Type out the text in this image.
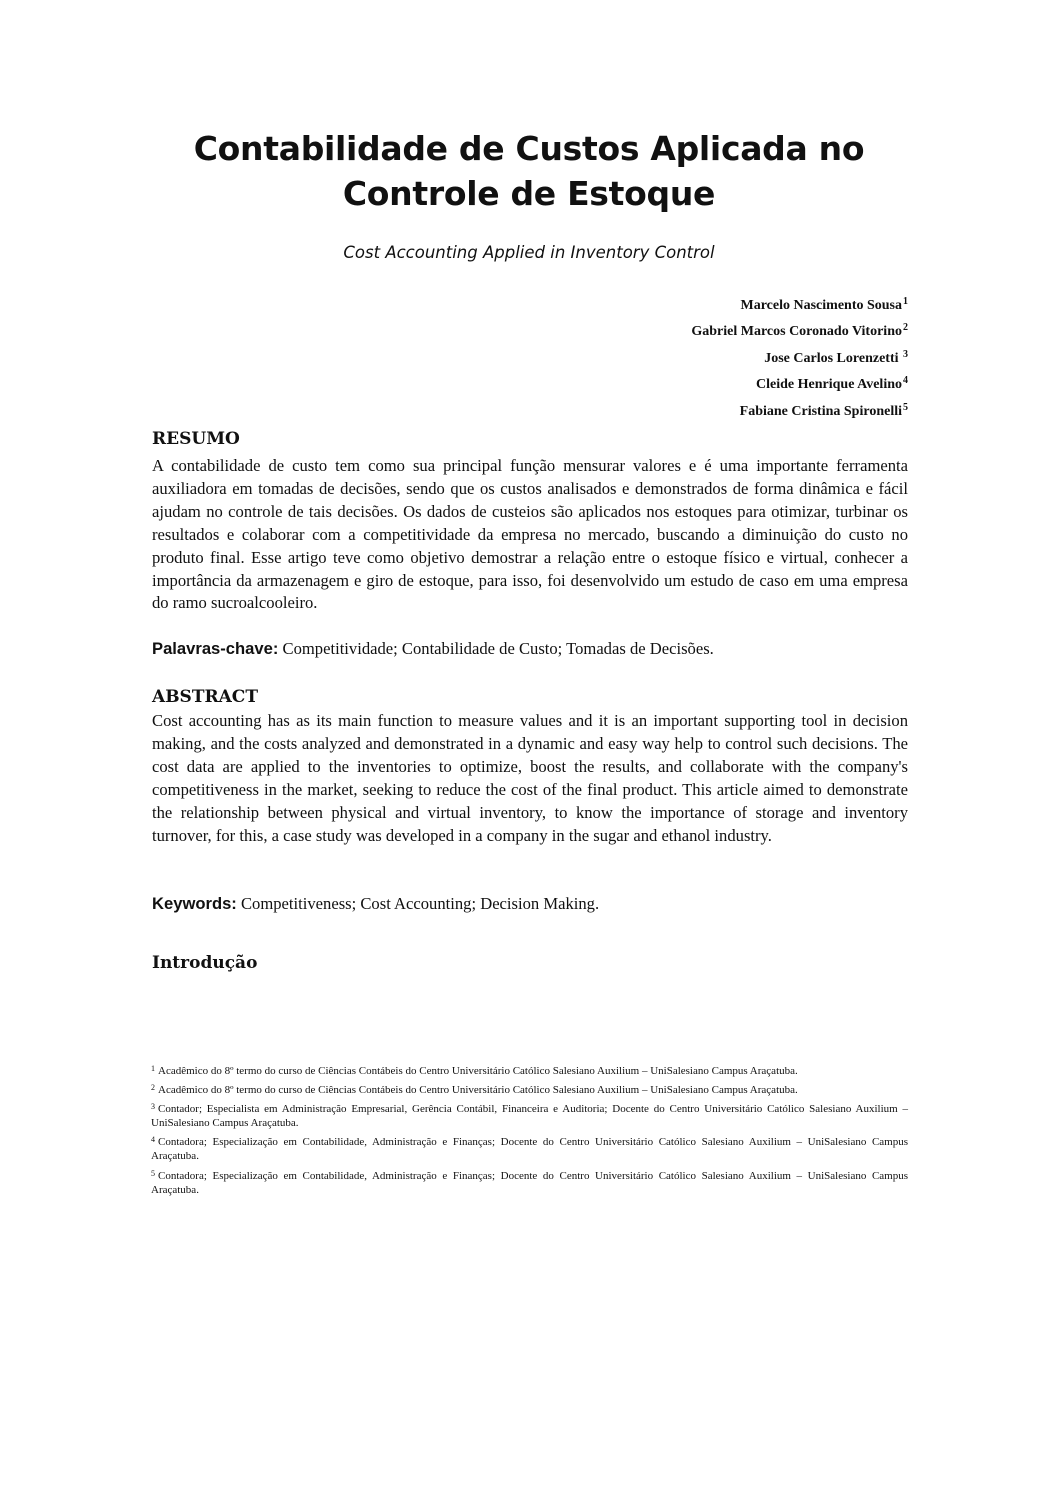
Contabilidade de Custos Aplicada no Controle de Estoque

Cost Accounting Applied in Inventory Control

Marcelo Nascimento Sousa$^1$
Gabriel Marcos Coronado Vitorino$^2$
Jose Carlos Lorenzetti $^3$
Cleide Henrique Avelino$^4$
Fabiane Cristina Spironelli$^5$
RESUMO

A contabilidade de custo tem como sua principal função mensurar valores e é uma importante ferramenta auxiliadora em tomadas de decisões, sendo que os custos analisados e demonstrados de forma dinâmica e fácil ajudam no controle de tais decisões. Os dados de custeios são aplicados nos estoques para otimizar, turbinar os resultados e colaborar com a competitividade da empresa no mercado, buscando a diminuição do custo no produto final. Esse artigo teve como objetivo demostrar a relação entre o estoque físico e virtual, conhecer a importância da armazenagem e giro de estoque, para isso, foi desenvolvido um estudo de caso em uma empresa do ramo sucroalcooleiro.

Palavras-chave: Competitividade; Contabilidade de Custo; Tomadas de Decisões.

ABSTRACT

Cost accounting has as its main function to measure values and it is an important supporting tool in decision making, and the costs analyzed and demonstrated in a dynamic and easy way help to control such decisions. The cost data are applied to the inventories to optimize, boost the results, and collaborate with the company's competitiveness in the market, seeking to reduce the cost of the final product. This article aimed to demonstrate the relationship between physical and virtual inventory, to know the importance of storage and inventory turnover, for this, a case study was developed in a company in the sugar and ethanol industry.

Keywords: Competitiveness; Cost Accounting; Decision Making.

Introdução

$^1$ Acadêmico do 8º termo do curso de Ciências Contábeis do Centro Universitário Católico Salesiano Auxilium – UniSalesiano Campus Araçatuba.

$^2$ Acadêmico do 8º termo do curso de Ciências Contábeis do Centro Universitário Católico Salesiano Auxilium – UniSalesiano Campus Araçatuba.

$^3$ Contador; Especialista em Administração Empresarial, Gerência Contábil, Financeira e Auditoria; Docente do Centro Universitário Católico Salesiano Auxilium – UniSalesiano Campus Araçatuba.

$^4$ Contadora; Especialização em Contabilidade, Administração e Finanças; Docente do Centro Universitário Católico Salesiano Auxilium – UniSalesiano Campus Araçatuba.

$^5$ Contadora; Especialização em Contabilidade, Administração e Finanças; Docente do Centro Universitário Católico Salesiano Auxilium – UniSalesiano Campus Araçatuba.
